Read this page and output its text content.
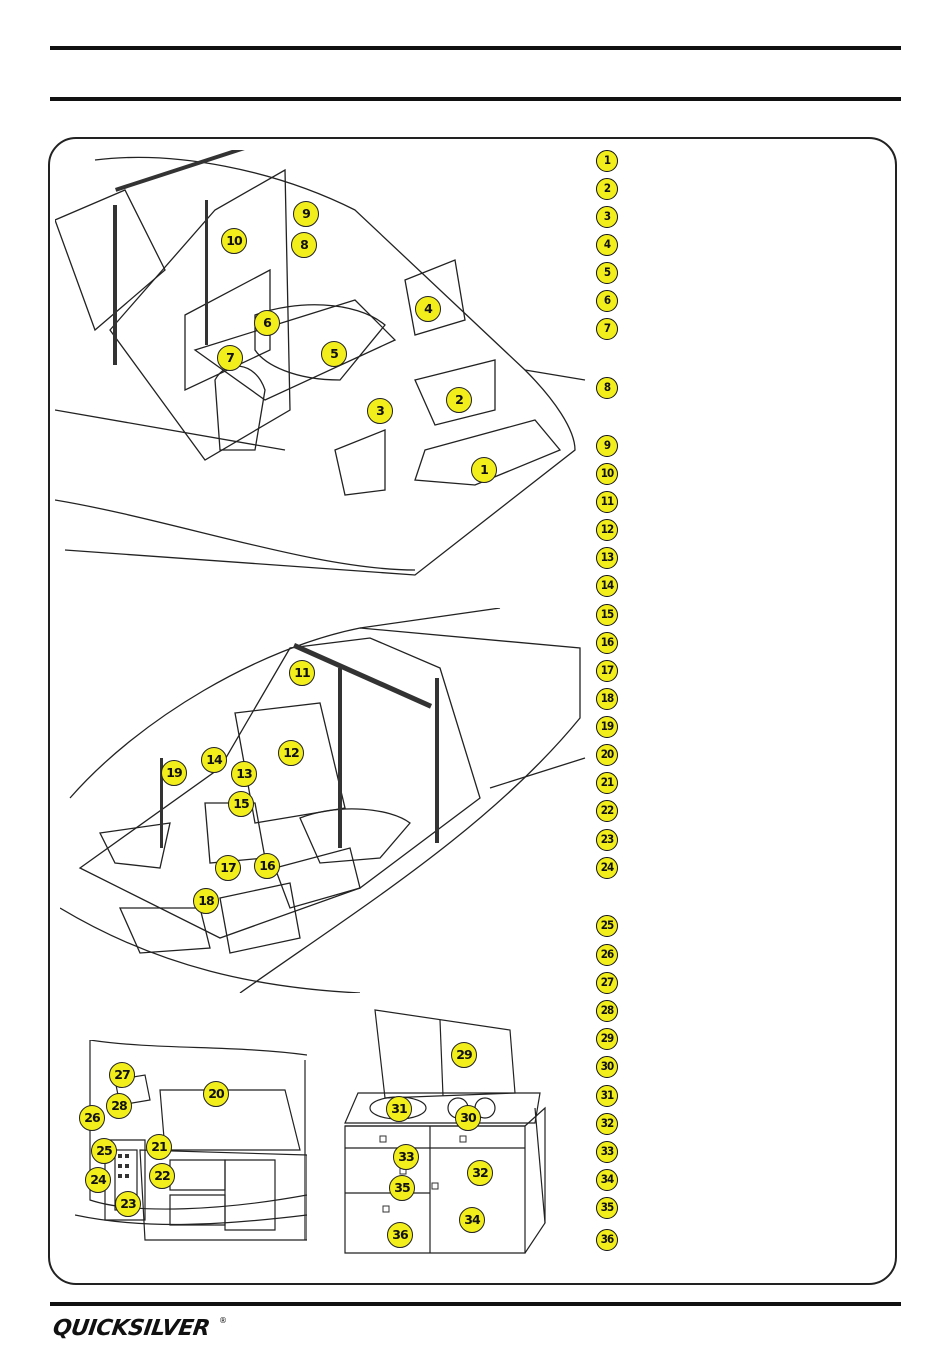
1
2
3
4
5
6
7
8
9
10
11
12
13
14
15
16
17
18
19
20
21
22
23
24
25
26
27
28
29
30
31
32
33
34
35
36
1
2
3
4
5
6
7
8
9
10
11
12
13
14
15
16
17
18
19
20
21
22
23
24
25
26
27
28
29
30
31
32
33
34
35
36
QUICKSILVER ®
